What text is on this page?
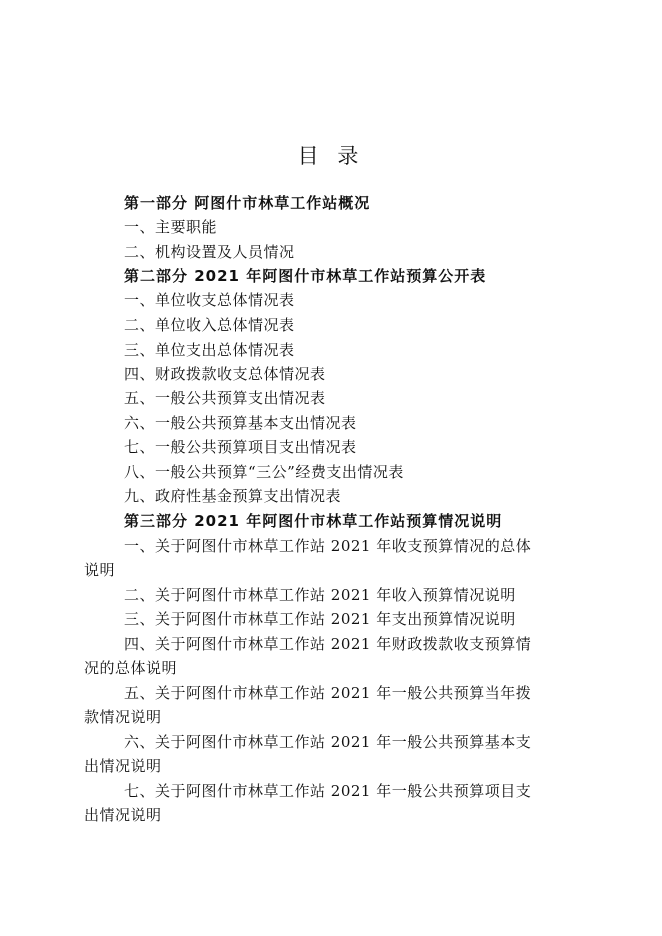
目 录
第一部分 阿图什市林草工作站概况
一、主要职能
二、机构设置及人员情况
第二部分 2021 年阿图什市林草工作站预算公开表
一、单位收支总体情况表
二、单位收入总体情况表
三、单位支出总体情况表
四、财政拨款收支总体情况表
五、一般公共预算支出情况表
六、一般公共预算基本支出情况表
七、一般公共预算项目支出情况表
八、一般公共预算“三公”经费支出情况表
九、政府性基金预算支出情况表
第三部分 2021 年阿图什市林草工作站预算情况说明
一、关于阿图什市林草工作站 2021 年收支预算情况的总体
说明
二、关于阿图什市林草工作站 2021 年收入预算情况说明
三、关于阿图什市林草工作站 2021 年支出预算情况说明
四、关于阿图什市林草工作站 2021 年财政拨款收支预算情
况的总体说明
五、关于阿图什市林草工作站 2021 年一般公共预算当年拨
款情况说明
六、关于阿图什市林草工作站 2021 年一般公共预算基本支
出情况说明
七、关于阿图什市林草工作站 2021 年一般公共预算项目支
出情况说明
